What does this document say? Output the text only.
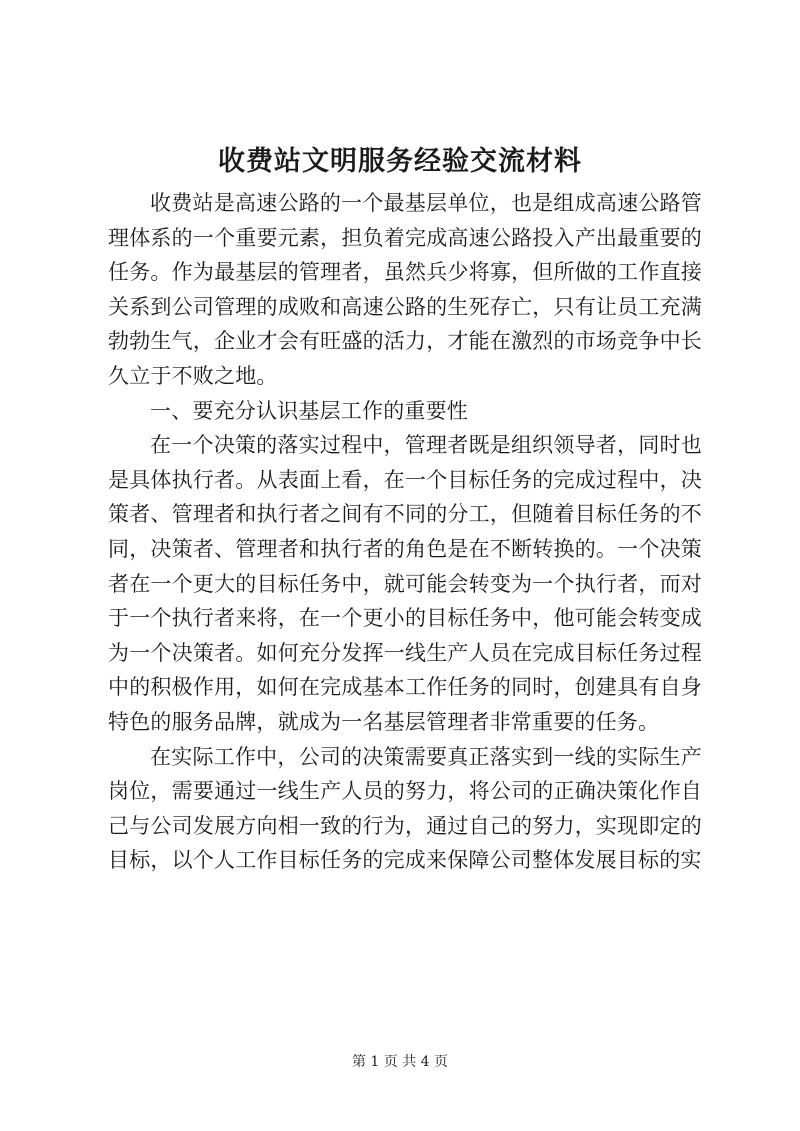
收费站文明服务经验交流材料

收费站是高速公路的一个最基层单位，也是组成高速公路管理体系的一个重要元素，担负着完成高速公路投入产出最重要的任务。作为最基层的管理者，虽然兵少将寡，但所做的工作直接关系到公司管理的成败和高速公路的生死存亡，只有让员工充满勃勃生气，企业才会有旺盛的活力，才能在激烈的市场竞争中长久立于不败之地。

一、要充分认识基层工作的重要性

在一个决策的落实过程中，管理者既是组织领导者，同时也是具体执行者。从表面上看，在一个目标任务的完成过程中，决策者、管理者和执行者之间有不同的分工，但随着目标任务的不同，决策者、管理者和执行者的角色是在不断转换的。一个决策者在一个更大的目标任务中，就可能会转变为一个执行者，而对于一个执行者来将，在一个更小的目标任务中，他可能会转变成为一个决策者。如何充分发挥一线生产人员在完成目标任务过程中的积极作用，如何在完成基本工作任务的同时，创建具有自身特色的服务品牌，就成为一名基层管理者非常重要的任务。

在实际工作中，公司的决策需要真正落实到一线的实际生产岗位，需要通过一线生产人员的努力，将公司的正确决策化作自己与公司发展方向相一致的行为，通过自己的努力，实现即定的目标，以个人工作目标任务的完成来保障公司整体发展目标的实

第 1 页 共 4 页
